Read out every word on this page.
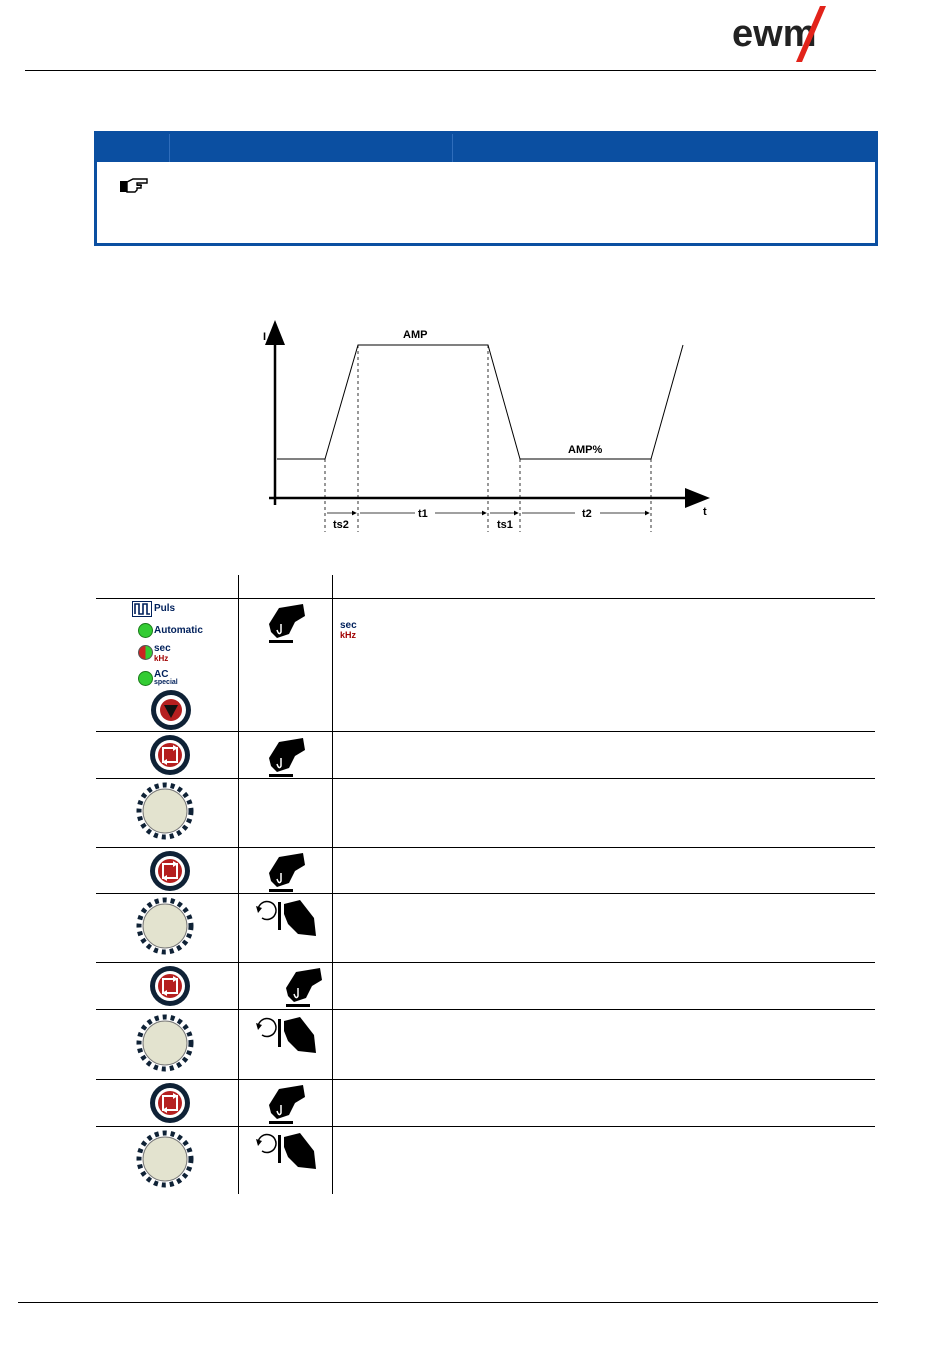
ewm
I
t
AMP
AMP%
ts2
t1
ts1
t2
Puls
Automatic
sec
kHz
AC
special
sec
kHz
